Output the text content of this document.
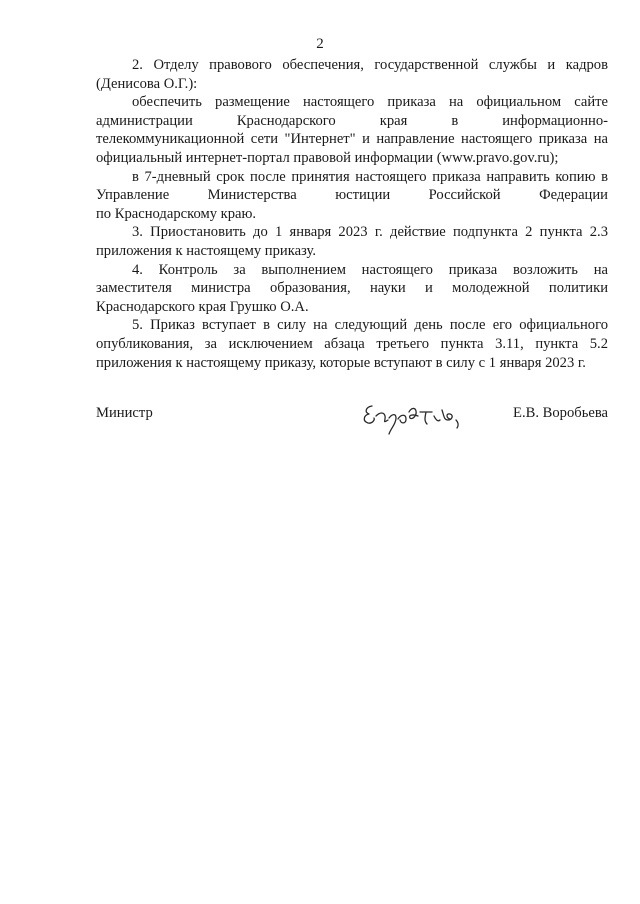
2

2. Отделу правового обеспечения, государственной службы и кадров

(Денисова О.Г.):

обеспечить размещение настоящего приказа на официальном сайте

администрации Краснодарского края в информационно-

телекоммуникационной сети "Интернет" и направление настоящего приказа на

официальный интернет-портал правовой информации (www.pravo.gov.ru);

в 7-дневный срок после принятия настоящего приказа направить копию в

Управление Министерства юстиции Российской Федерации

по Краснодарскому краю.

3. Приостановить до 1 января 2023 г. действие подпункта 2 пункта 2.3

приложения к настоящему приказу.

4. Контроль за выполнением настоящего приказа возложить на

заместителя министра образования, науки и молодежной политики

Краснодарского края Грушко О.А.

5. Приказ вступает в силу на следующий день после его официального

опубликования, за исключением абзаца третьего пункта 3.11, пункта 5.2

приложения к настоящему приказу, которые вступают в силу с 1 января 2023 г.

Министр	Е.В. Воробьева
